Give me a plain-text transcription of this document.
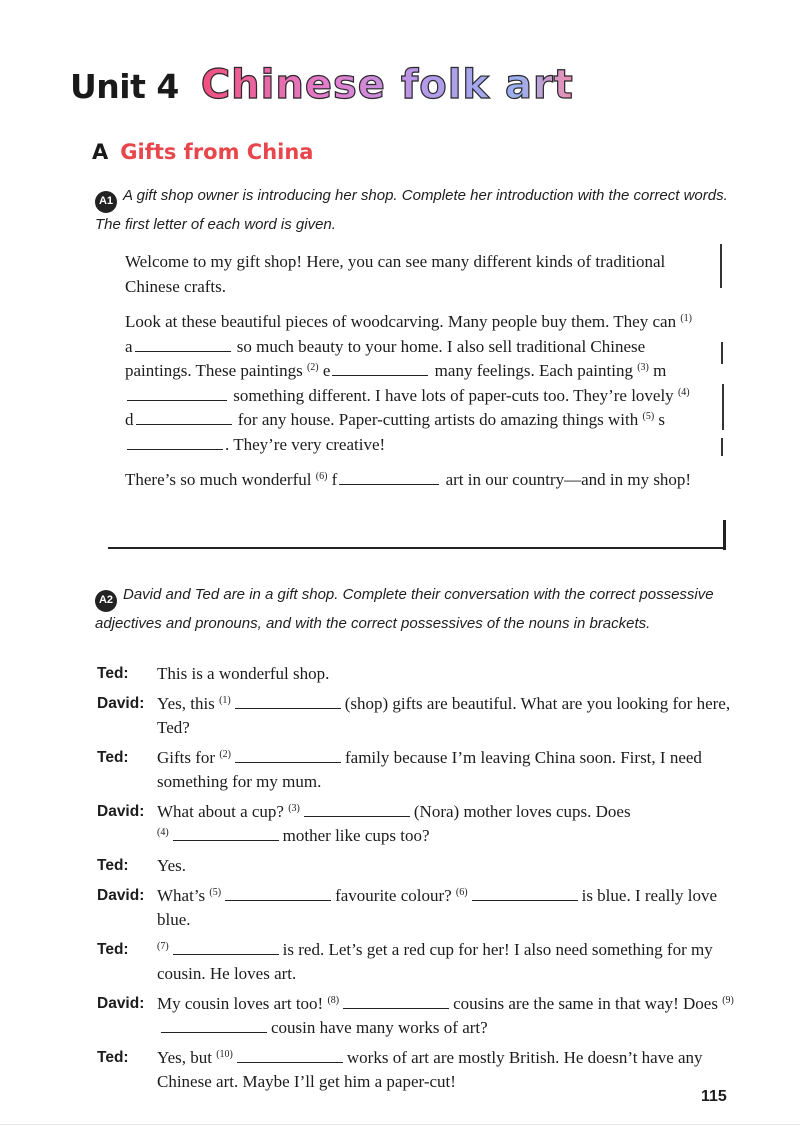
Unit 4 Chinese folk art
A Gifts from China
A1 A gift shop owner is introducing her shop. Complete her introduction with the correct words. The first letter of each word is given.

Welcome to my gift shop! Here, you can see many different kinds of traditional Chinese crafts.

Look at these beautiful pieces of woodcarving. Many people buy them. They can $^{(1)}$ a	so much beauty to your home. I also sell traditional Chinese paintings. These paintings $^{(2)}$ e	many feelings. Each painting $^{(3)}$ m something different. I have lots of paper-cuts too. They’re lovely $^{(4)}$ d	for any house. Paper-cutting artists do amazing things with $^{(5)}$ s. They’re very creative!

There’s so much wonderful $^{(6)}$ f	art in our country—and in my shop!

A2 David and Ted are in a gift shop. Complete their conversation with the correct possessive adjectives and pronouns, and with the correct possessives of the nouns in brackets.
Ted:	This is a wonderful shop.
David: Yes, this $^{(1)}$	(shop) gifts are beautiful. What are you looking for here, Ted?
Ted:	Gifts for $^{(2)}$	family because I’m leaving China soon. First, I need something for my mum.
David: What about a cup? $^{(3)}$	(Nora) mother loves cups. Does
$^{(4)}$	mother like cups too?
Ted:	Yes.
David: What’s $^{(5)}$	favourite colour? $^{(6)}$	is blue. I really love blue.
Ted:	$^{(7)}$	is red. Let’s get a red cup for her! I also need something for my cousin. He loves art.
David: My cousin loves art too! $^{(8)}$	cousins are the same in that way! Does $^{(9)}$cousin have many works of art?
Ted:	Yes, but $^{(10)}$	works of art are mostly British. He doesn’t have any Chinese art. Maybe I’ll get him a paper-cut!
115
